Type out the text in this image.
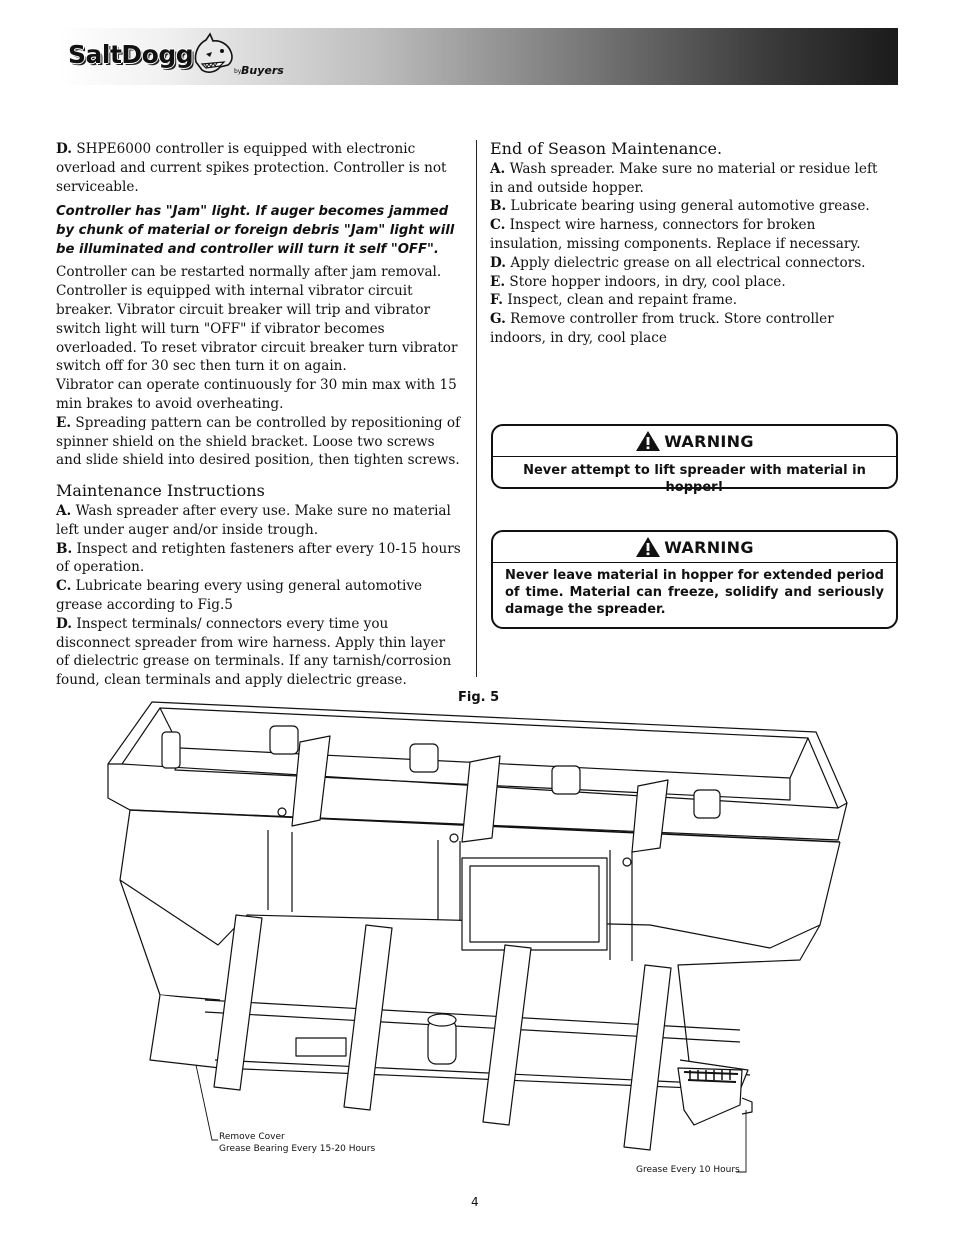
SaltDogg
by Buyers

D. SHPE6000 controller is equipped with electronic overload and current spikes protection. Controller is not serviceable.

Controller has "Jam" light. If auger becomes jammed by chunk of material or foreign debris "Jam" light will be illuminated and controller will turn it self "OFF".

Controller can be restarted normally after jam removal. Controller is equipped with internal vibrator circuit breaker. Vibrator circuit breaker will trip and vibrator switch light will turn "OFF" if vibrator becomes overloaded. To reset vibrator circuit breaker turn vibrator switch off for 30 sec then turn it on again.

Vibrator can operate continuously for 30 min max with 15 min brakes to avoid overheating.

E. Spreading pattern can be controlled by repositioning of spinner shield on the shield bracket. Loose two screws and slide shield into desired position, then tighten screws.

Maintenance Instructions

A. Wash spreader after every use. Make sure no material left under auger and/or inside trough.

B. Inspect and retighten fasteners after every 10-15 hours of operation.

C. Lubricate bearing every using general automotive grease according to Fig.5

D. Inspect terminals/ connectors every time you disconnect spreader from wire harness. Apply thin layer of dielectric grease on terminals. If any tarnish/corrosion found, clean terminals and apply dielectric grease.

End of Season Maintenance.

A. Wash spreader. Make sure no material or residue left in and outside hopper.

B. Lubricate bearing using general automotive grease.

C. Inspect wire harness, connectors for broken insulation, missing components. Replace if necessary.

D. Apply dielectric grease on all electrical connectors.

E. Store hopper indoors, in dry, cool place.

F. Inspect, clean and repaint frame.

G. Remove controller from truck. Store controller indoors, in dry, cool place

WARNING
Never attempt to lift spreader with material in hopper!
WARNING
Never leave material in hopper for extended period of time. Material can freeze, solidify and seriously damage the spreader.
Fig. 5
Remove Cover
Grease Bearing Every 15-20 Hours
Grease Every 10 Hours
4
